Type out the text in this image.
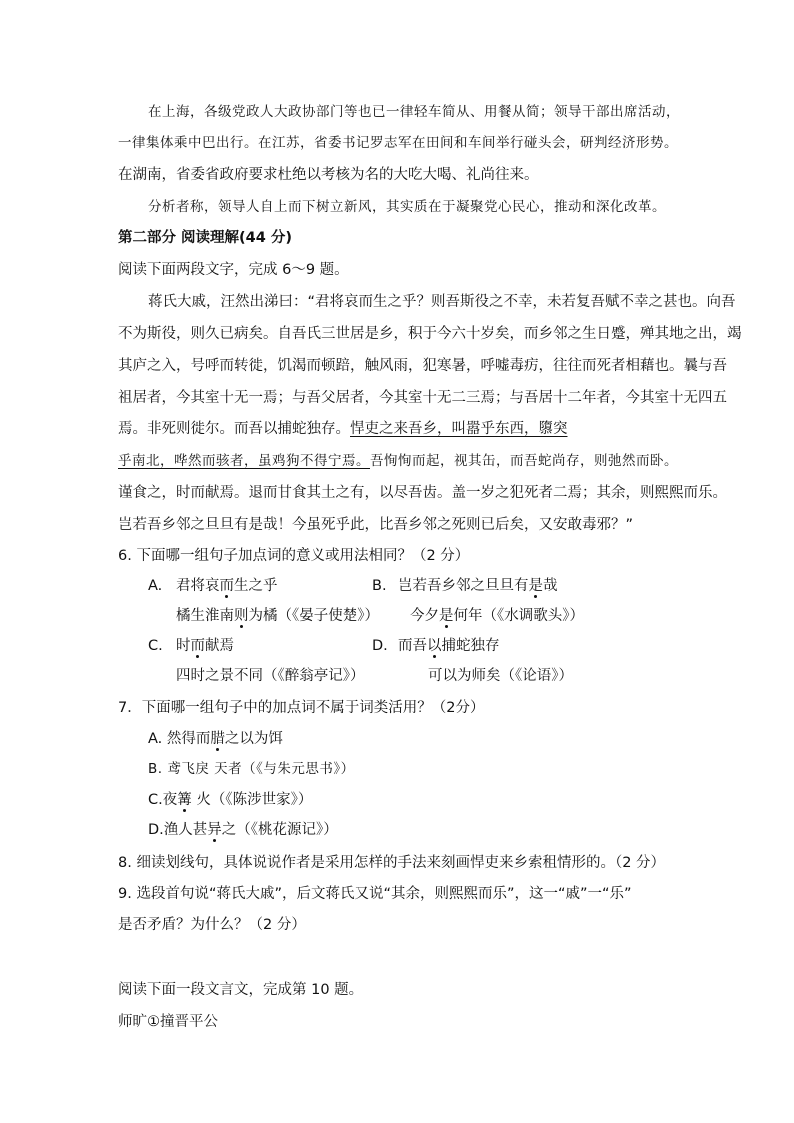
在上海，各级党政人大政协部门等也已一律轻车简从、用餐从简；领导干部出席活动，
一律集体乘中巴出行。在江苏，省委书记罗志军在田间和车间举行碰头会，研判经济形势。
在湖南，省委省政府要求杜绝以考核为名的大吃大喝、礼尚往来。
分析者称，领导人自上而下树立新风，其实质在于凝聚党心民心，推动和深化改革。
第二部分 阅读理解(44 分)
阅读下面两段文字，完成 6～9 题。
蒋氏大戚，汪然出涕曰：“君将哀而生之乎？则吾斯役之不幸，未若复吾赋不幸之甚也。向吾
不为斯役，则久已病矣。自吾氏三世居是乡，积于今六十岁矣，而乡邻之生日蹙，殚其地之出，竭
其庐之入，号呼而转徙，饥渴而顿踣，触风雨，犯寒暑，呼嘘毒疠，往往而死者相藉也。曩与吾
祖居者，今其室十无一焉；与吾父居者，今其室十无二三焉；与吾居十二年者，今其室十无四五
焉。非死则徙尔。而吾以捕蛇独存。悍吏之来吾乡，叫嚣乎东西，隳突
乎南北，哗然而骇者，虽鸡狗不得宁焉。吾恂恂而起，视其缶，而吾蛇尚存，则弛然而卧。
谨食之，时而献焉。退而甘食其土之有，以尽吾齿。盖一岁之犯死者二焉；其余，则熙熙而乐。
岂若吾乡邻之旦旦有是哉！今虽死乎此，比吾乡邻之死则已后矣，又安敢毒邪？”
6. 下面哪一组句子加点词的意义或用法相同？（2 分）
A. 君将哀而生之乎	B. 岂若吾乡邻之旦旦有是哉
橘生淮南则为橘（《晏子使楚》） 今夕是何年（《水调歌头》）
C. 时而献焉	D. 而吾以捕蛇独存
四时之景不同（《醉翁亭记》）	可以为师矣（《论语》）
7．下面哪一组句子中的加点词不属于词类活用？（2分）
A. 然得而腊之以为饵
B. 鸢飞戾 天者（《与朱元思书》）
C.夜篝 火（《陈涉世家》）
D.渔人甚异之（《桃花源记》）
8. 细读划线句，具体说说作者是采用怎样的手法来刻画悍吏来乡索租情形的。（2 分）
9. 选段首句说“蒋氏大戚”，后文蒋氏又说“其余，则熙熙而乐”，这一“戚”一“乐”
是否矛盾？为什么？（2 分）
阅读下面一段文言文，完成第 10 题。
师旷①撞晋平公
